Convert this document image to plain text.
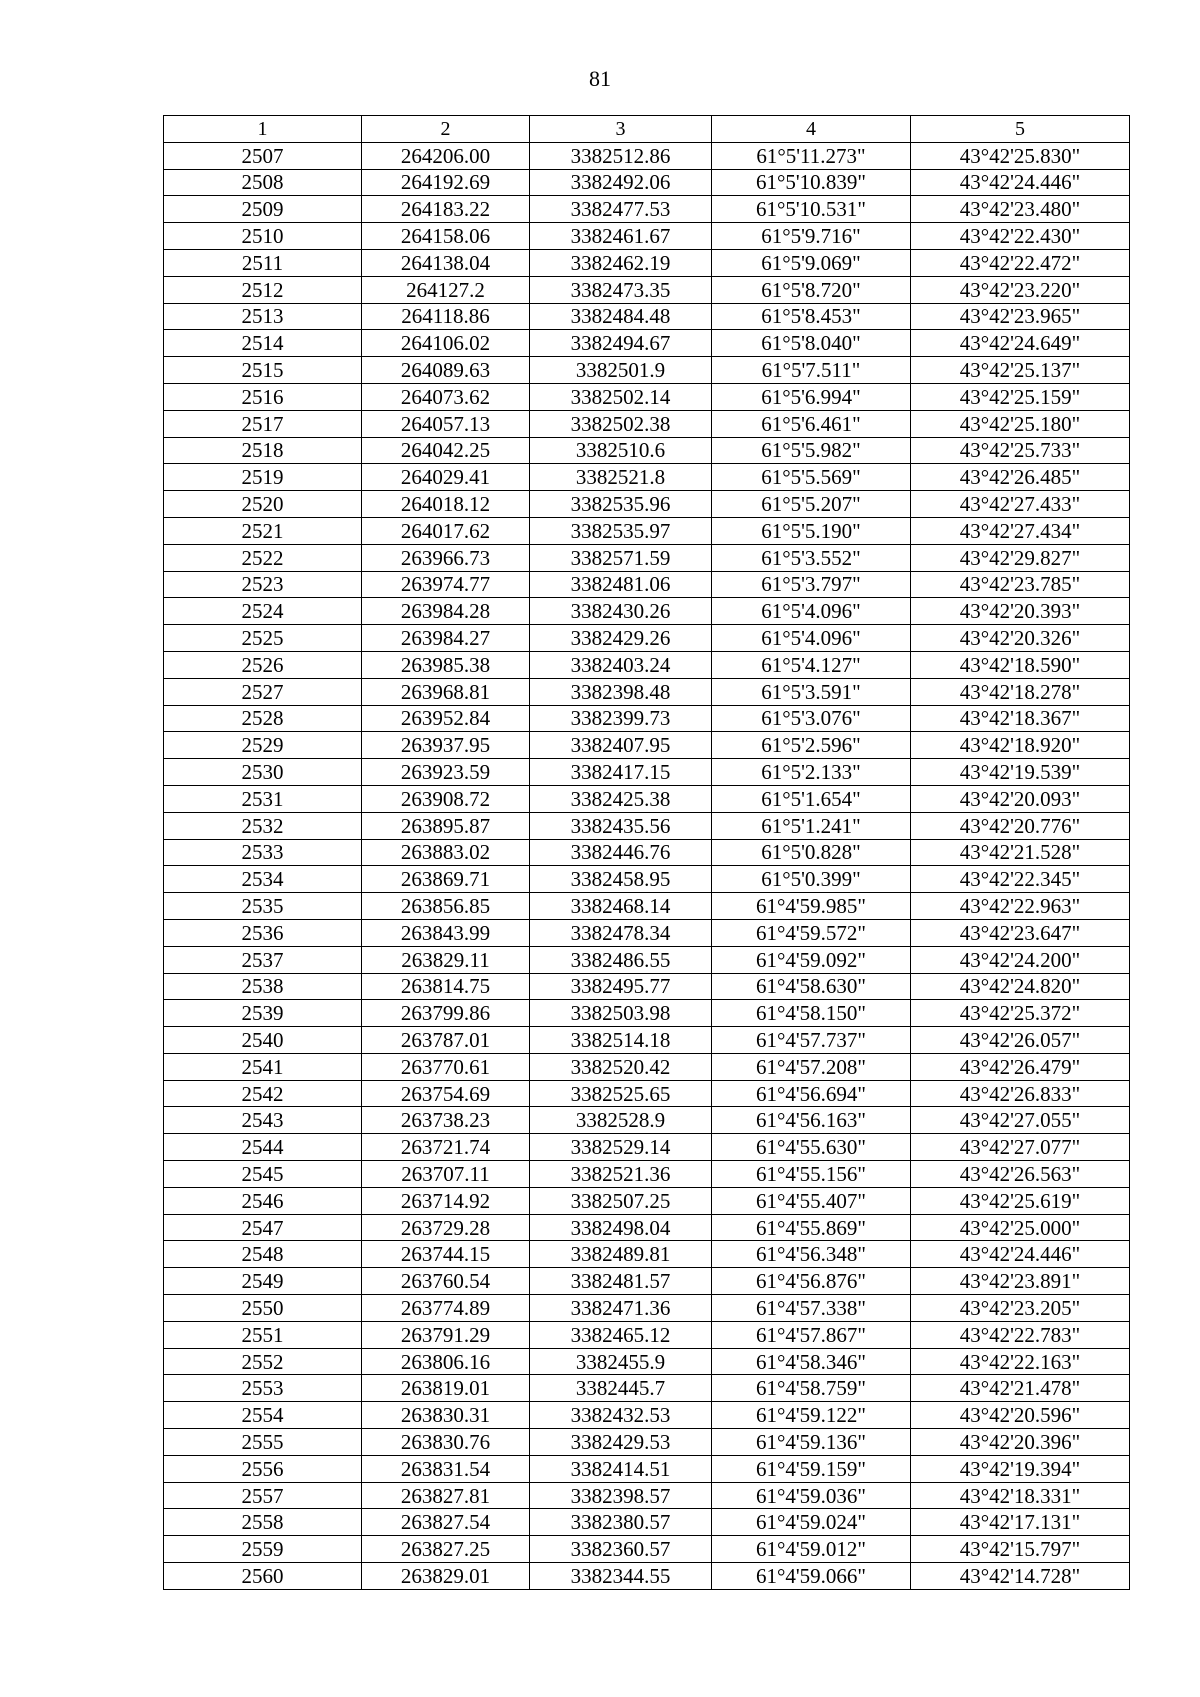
81
1	2	3	4	5
2507	264206.00	3382512.86	61°5'11.273"	43°42'25.830"
2508	264192.69	3382492.06	61°5'10.839"	43°42'24.446"
2509	264183.22	3382477.53	61°5'10.531"	43°42'23.480"
2510	264158.06	3382461.67	61°5'9.716"	43°42'22.430"
2511	264138.04	3382462.19	61°5'9.069"	43°42'22.472"
2512	264127.2	3382473.35	61°5'8.720"	43°42'23.220"
2513	264118.86	3382484.48	61°5'8.453"	43°42'23.965"
2514	264106.02	3382494.67	61°5'8.040"	43°42'24.649"
2515	264089.63	3382501.9	61°5'7.511"	43°42'25.137"
2516	264073.62	3382502.14	61°5'6.994"	43°42'25.159"
2517	264057.13	3382502.38	61°5'6.461"	43°42'25.180"
2518	264042.25	3382510.6	61°5'5.982"	43°42'25.733"
2519	264029.41	3382521.8	61°5'5.569"	43°42'26.485"
2520	264018.12	3382535.96	61°5'5.207"	43°42'27.433"
2521	264017.62	3382535.97	61°5'5.190"	43°42'27.434"
2522	263966.73	3382571.59	61°5'3.552"	43°42'29.827"
2523	263974.77	3382481.06	61°5'3.797"	43°42'23.785"
2524	263984.28	3382430.26	61°5'4.096"	43°42'20.393"
2525	263984.27	3382429.26	61°5'4.096"	43°42'20.326"
2526	263985.38	3382403.24	61°5'4.127"	43°42'18.590"
2527	263968.81	3382398.48	61°5'3.591"	43°42'18.278"
2528	263952.84	3382399.73	61°5'3.076"	43°42'18.367"
2529	263937.95	3382407.95	61°5'2.596"	43°42'18.920"
2530	263923.59	3382417.15	61°5'2.133"	43°42'19.539"
2531	263908.72	3382425.38	61°5'1.654"	43°42'20.093"
2532	263895.87	3382435.56	61°5'1.241"	43°42'20.776"
2533	263883.02	3382446.76	61°5'0.828"	43°42'21.528"
2534	263869.71	3382458.95	61°5'0.399"	43°42'22.345"
2535	263856.85	3382468.14	61°4'59.985"	43°42'22.963"
2536	263843.99	3382478.34	61°4'59.572"	43°42'23.647"
2537	263829.11	3382486.55	61°4'59.092"	43°42'24.200"
2538	263814.75	3382495.77	61°4'58.630"	43°42'24.820"
2539	263799.86	3382503.98	61°4'58.150"	43°42'25.372"
2540	263787.01	3382514.18	61°4'57.737"	43°42'26.057"
2541	263770.61	3382520.42	61°4'57.208"	43°42'26.479"
2542	263754.69	3382525.65	61°4'56.694"	43°42'26.833"
2543	263738.23	3382528.9	61°4'56.163"	43°42'27.055"
2544	263721.74	3382529.14	61°4'55.630"	43°42'27.077"
2545	263707.11	3382521.36	61°4'55.156"	43°42'26.563"
2546	263714.92	3382507.25	61°4'55.407"	43°42'25.619"
2547	263729.28	3382498.04	61°4'55.869"	43°42'25.000"
2548	263744.15	3382489.81	61°4'56.348"	43°42'24.446"
2549	263760.54	3382481.57	61°4'56.876"	43°42'23.891"
2550	263774.89	3382471.36	61°4'57.338"	43°42'23.205"
2551	263791.29	3382465.12	61°4'57.867"	43°42'22.783"
2552	263806.16	3382455.9	61°4'58.346"	43°42'22.163"
2553	263819.01	3382445.7	61°4'58.759"	43°42'21.478"
2554	263830.31	3382432.53	61°4'59.122"	43°42'20.596"
2555	263830.76	3382429.53	61°4'59.136"	43°42'20.396"
2556	263831.54	3382414.51	61°4'59.159"	43°42'19.394"
2557	263827.81	3382398.57	61°4'59.036"	43°42'18.331"
2558	263827.54	3382380.57	61°4'59.024"	43°42'17.131"
2559	263827.25	3382360.57	61°4'59.012"	43°42'15.797"
2560	263829.01	3382344.55	61°4'59.066"	43°42'14.728"
